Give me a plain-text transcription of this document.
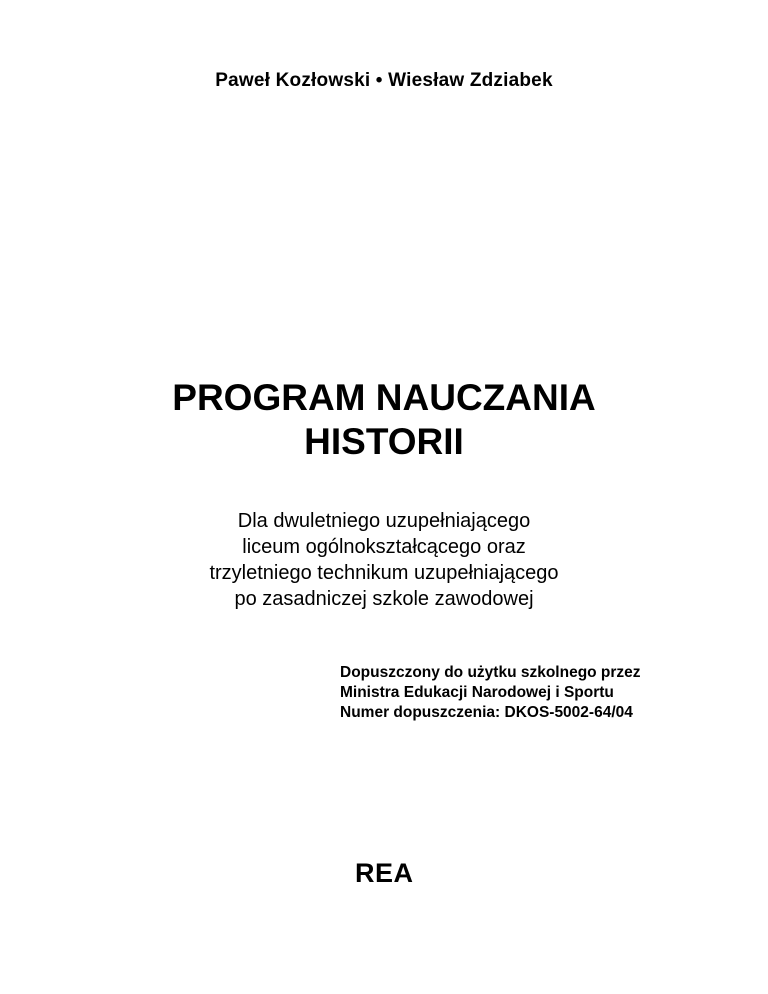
Paweł Kozłowski • Wiesław Zdziabek
PROGRAM NAUCZANIA
HISTORII
Dla dwuletniego uzupełniającego
liceum ogólnokształcącego oraz
trzyletniego technikum uzupełniającego
po zasadniczej szkole zawodowej
Dopuszczony do użytku szkolnego przez
Ministra Edukacji Narodowej i Sportu
Numer dopuszczenia: DKOS-5002-64/04
REA
